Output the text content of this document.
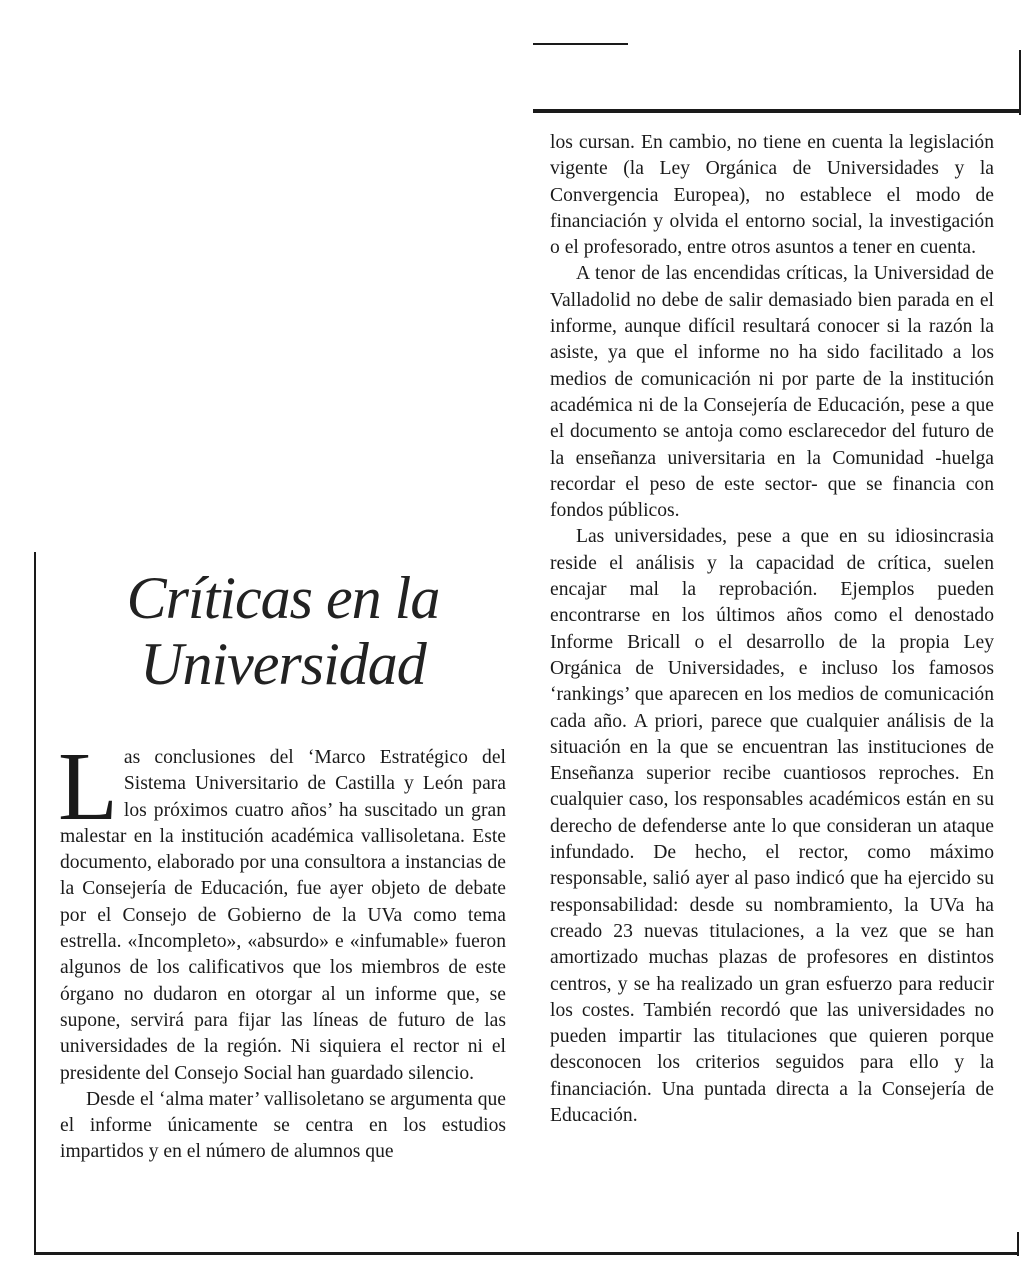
Críticas en la Universidad

Las conclusiones del ‘Marco Estratégico del Sistema Universitario de Castilla y León para los próximos cuatro años’ ha suscitado un gran malestar en la institución académica vallisoletana. Este documento, elaborado por una consultora a instancias de la Consejería de Educación, fue ayer objeto de debate por el Consejo de Gobierno de la UVa como tema estrella. «Incompleto», «absurdo» e «infumable» fueron algunos de los calificativos que los miembros de este órgano no dudaron en otorgar al un informe que, se supone, servirá para fijar las líneas de futuro de las universidades de la región. Ni siquiera el rector ni el presidente del Consejo Social han guardado silencio.

Desde el ‘alma mater’ vallisoletano se argumenta que el informe únicamente se centra en los estudios impartidos y en el número de alumnos que

los cursan. En cambio, no tiene en cuenta la legislación vigente (la Ley Orgánica de Universidades y la Convergencia Europea), no establece el modo de financiación y olvida el entorno social, la investigación o el profesorado, entre otros asuntos a tener en cuenta.

A tenor de las encendidas críticas, la Universidad de Valladolid no debe de salir demasiado bien parada en el informe, aunque difícil resultará conocer si la razón la asiste, ya que el informe no ha sido facilitado a los medios de comunicación ni por parte de la institución académica ni de la Consejería de Educación, pese a que el documento se antoja como esclarecedor del futuro de la enseñanza universitaria en la Comunidad -huelga recordar el peso de este sector- que se financia con fondos públicos.

Las universidades, pese a que en su idiosincrasia reside el análisis y la capacidad de crítica, suelen encajar mal la reprobación. Ejemplos pueden encontrarse en los últimos años como el denostado Informe Bricall o el desarrollo de la propia Ley Orgánica de Universidades, e incluso los famosos ‘rankings’ que aparecen en los medios de comunicación cada año. A priori, parece que cualquier análisis de la situación en la que se encuentran las instituciones de Enseñanza superior recibe cuantiosos reproches. En cualquier caso, los responsables académicos están en su derecho de defenderse ante lo que consideran un ataque infundado. De hecho, el rector, como máximo responsable, salió ayer al paso indicó que ha ejercido su responsabilidad: desde su nombramiento, la UVa ha creado 23 nuevas titulaciones, a la vez que se han amortizado muchas plazas de profesores en distintos centros, y se ha realizado un gran esfuerzo para reducir los costes. También recordó que las universidades no pueden impartir las titulaciones que quieren porque desconocen los criterios seguidos para ello y la financiación. Una puntada directa a la Consejería de Educación.
